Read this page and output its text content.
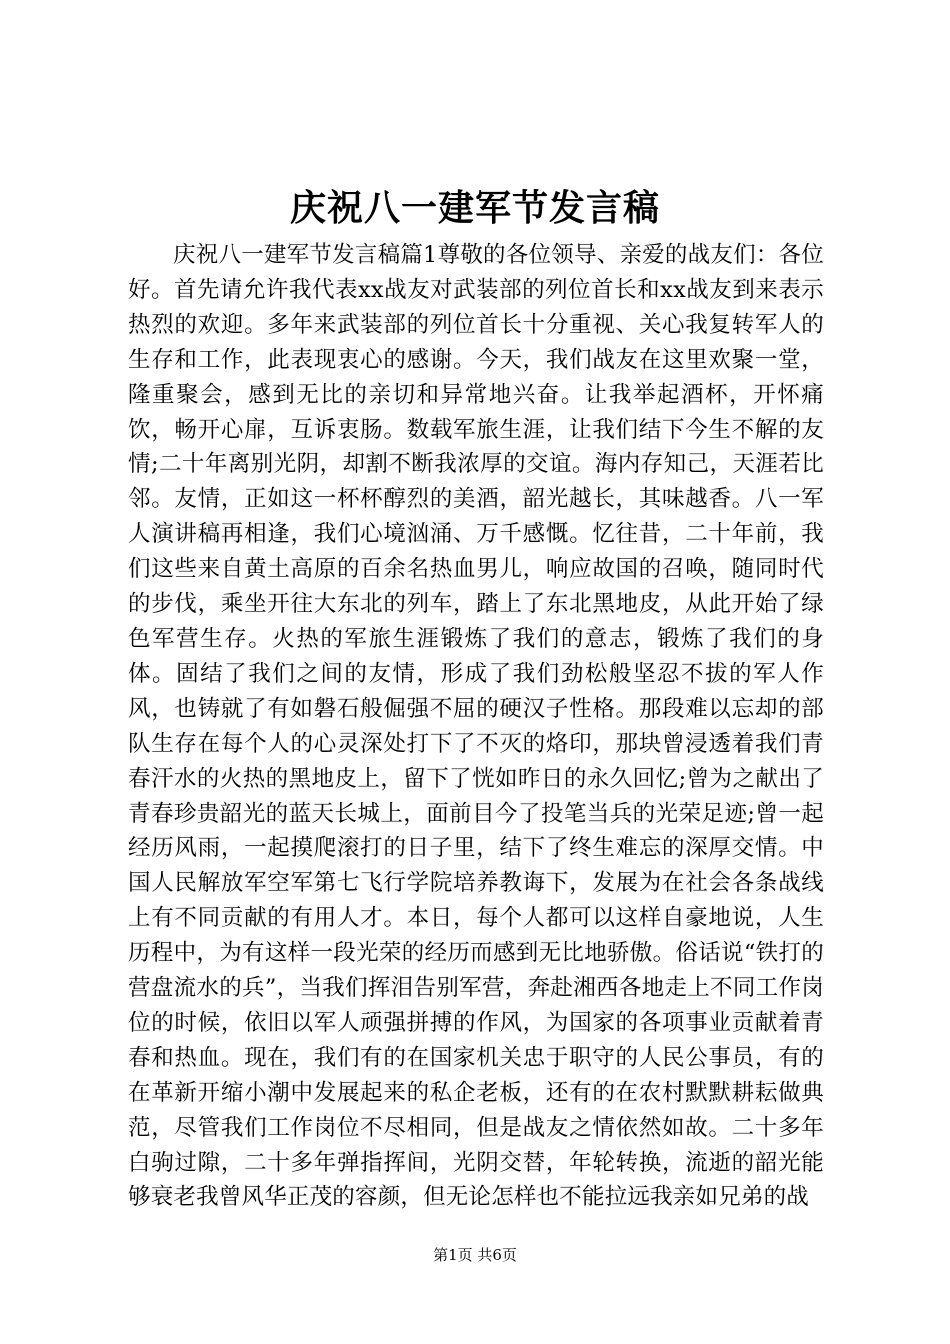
庆祝八一建军节发言稿

庆祝八一建军节发言稿篇1尊敬的各位领导、亲爱的战友们：各位好。首先请允许我代表xx战友对武装部的列位首长和xx战友到来表示热烈的欢迎。多年来武装部的列位首长十分重视、关心我复转军人的生存和工作，此表现衷心的感谢。今天，我们战友在这里欢聚一堂，隆重聚会，感到无比的亲切和异常地兴奋。让我举起酒杯，开怀痛饮，畅开心扉，互诉衷肠。数载军旅生涯，让我们结下今生不解的友情;二十年离别光阴，却割不断我浓厚的交谊。海内存知己，天涯若比邻。友情，正如这一杯杯醇烈的美酒，韶光越长，其味越香。八一军人演讲稿再相逢，我们心境汹涌、万千感慨。忆往昔，二十年前，我们这些来自黄土高原的百余名热血男儿，响应故国的召唤，随同时代的步伐，乘坐开往大东北的列车，踏上了东北黑地皮，从此开始了绿色军营生存。火热的军旅生涯锻炼了我们的意志，锻炼了我们的身体。固结了我们之间的友情，形成了我们劲松般坚忍不拔的军人作风，也铸就了有如磐石般倔强不屈的硬汉子性格。那段难以忘却的部队生存在每个人的心灵深处打下了不灭的烙印，那块曾浸透着我们青春汗水的火热的黑地皮上，留下了恍如昨日的永久回忆;曾为之献出了青春珍贵韶光的蓝天长城上，面前目今了投笔当兵的光荣足迹;曾一起经历风雨，一起摸爬滚打的日子里，结下了终生难忘的深厚交情。中国人民解放军空军第七飞行学院培养教诲下，发展为在社会各条战线上有不同贡献的有用人才。本日，每个人都可以这样自豪地说，人生历程中，为有这样一段光荣的经历而感到无比地骄傲。俗话说“铁打的营盘流水的兵”，当我们挥泪告别军营，奔赴湘西各地走上不同工作岗位的时候，依旧以军人顽强拼搏的作风，为国家的各项事业贡献着青春和热血。现在，我们有的在国家机关忠于职守的人民公事员，有的在革新开缩小潮中发展起来的私企老板，还有的在农村默默耕耘做典范，尽管我们工作岗位不尽相同，但是战友之情依然如故。二十多年白驹过隙，二十多年弹指挥间，光阴交替，年轮转换，流逝的韶光能够衰老我曾风华正茂的容颜，但无论怎样也不能拉远我亲如兄弟的战

第1页 共6页
